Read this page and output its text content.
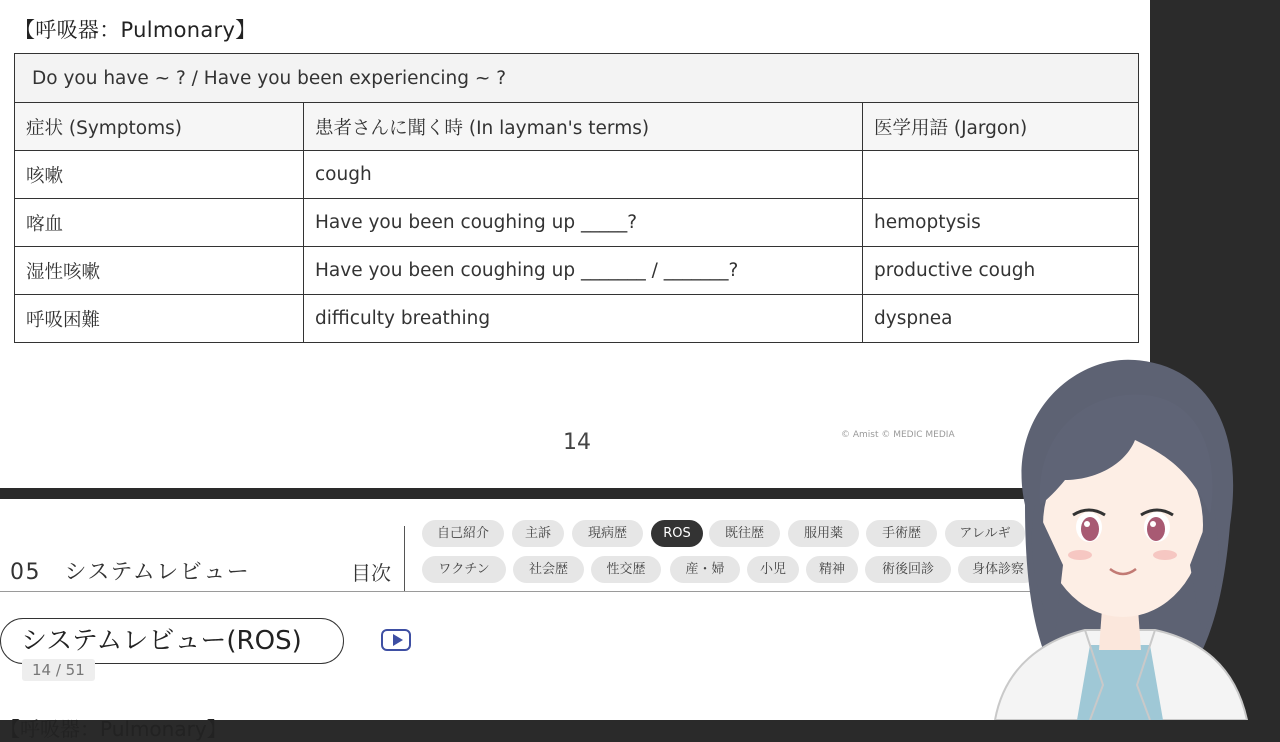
【呼吸器：Pulmonary】
Do you have ~ ? / Have you been experiencing ~ ?		
症状 (Symptoms)	患者さんに聞く時 (In layman's terms)	医学用語 (Jargon)
咳嗽	cough	
喀血	Have you been coughing up _____?	hemoptysis
湿性咳嗽	Have you been coughing up _______ / _______?	productive cough
呼吸困難	difficulty breathing	dyspnea
14	© Amist © MEDIC MEDIA
05　システムレビュー	目次
自己紹介	主訴	現病歴	ROS	既往歴	服用薬	手術歴	アレルギ
ワクチン	社会歴	性交歴	産・婦	小児	精神	術後回診	身体診察
システムレビュー(ROS)
14 / 51
【呼吸器：Pulmonary】
